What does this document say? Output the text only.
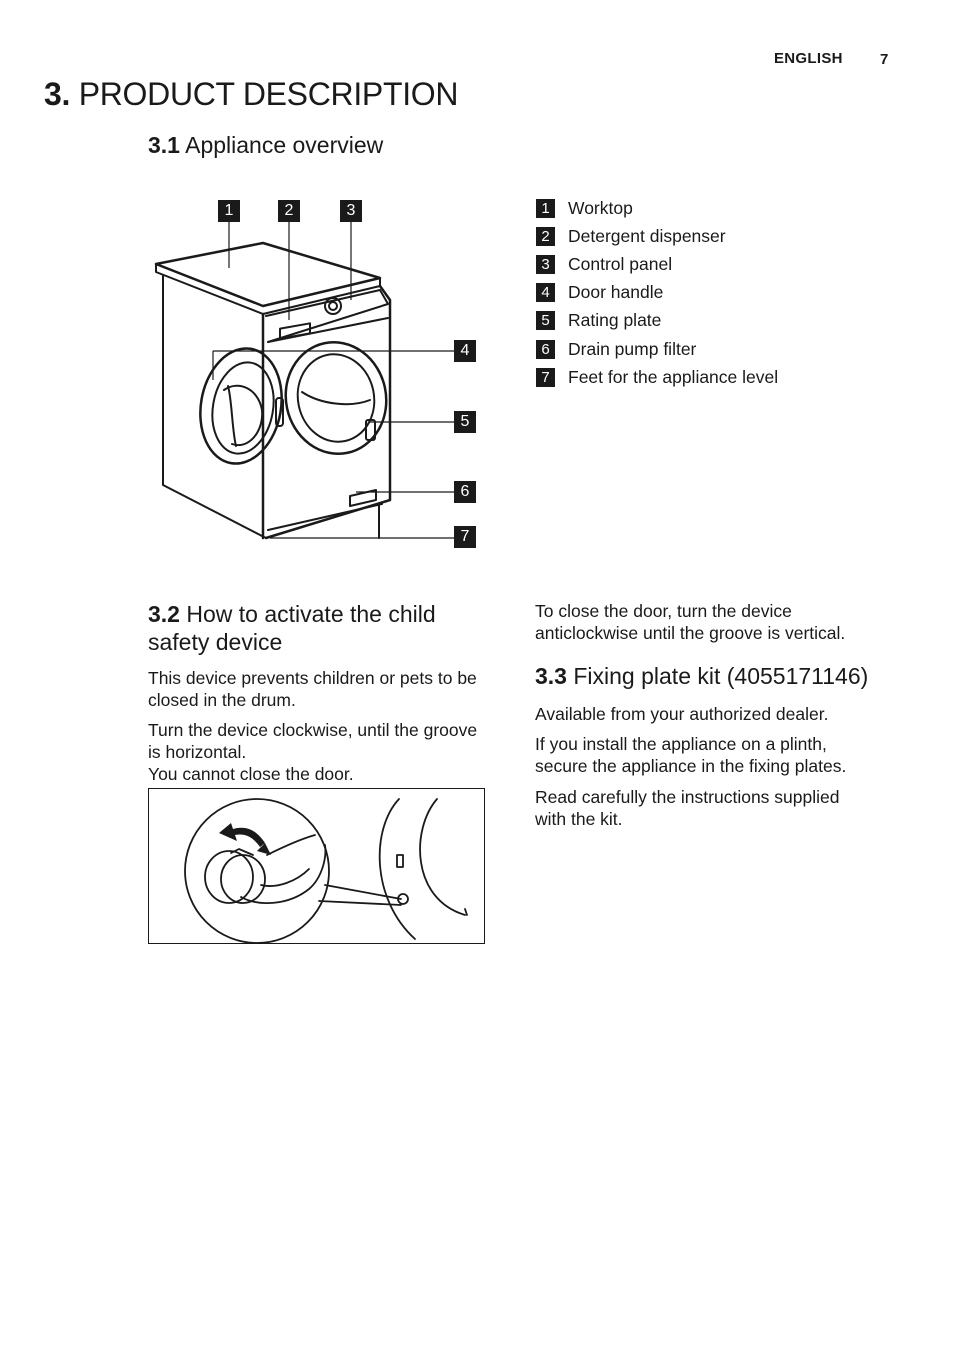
ENGLISH 7
3. PRODUCT DESCRIPTION
3.1 Appliance overview
1	2	3
4
5
6
7
1	Worktop
2	Detergent dispenser
3	Control panel
4	Door handle
5	Rating plate
6	Drain pump filter
7	Feet for the appliance level
3.2 How to activate the child
safety device
This device prevents children or pets to be
closed in the drum.
Turn the device clockwise, until the groove
is horizontal.
You cannot close the door.
To close the door, turn the device
anticlockwise until the groove is vertical.
3.3 Fixing plate kit (4055171146)
Available from your authorized dealer.
If you install the appliance on a plinth,
secure the appliance in the fixing plates.
Read carefully the instructions supplied
with the kit.
